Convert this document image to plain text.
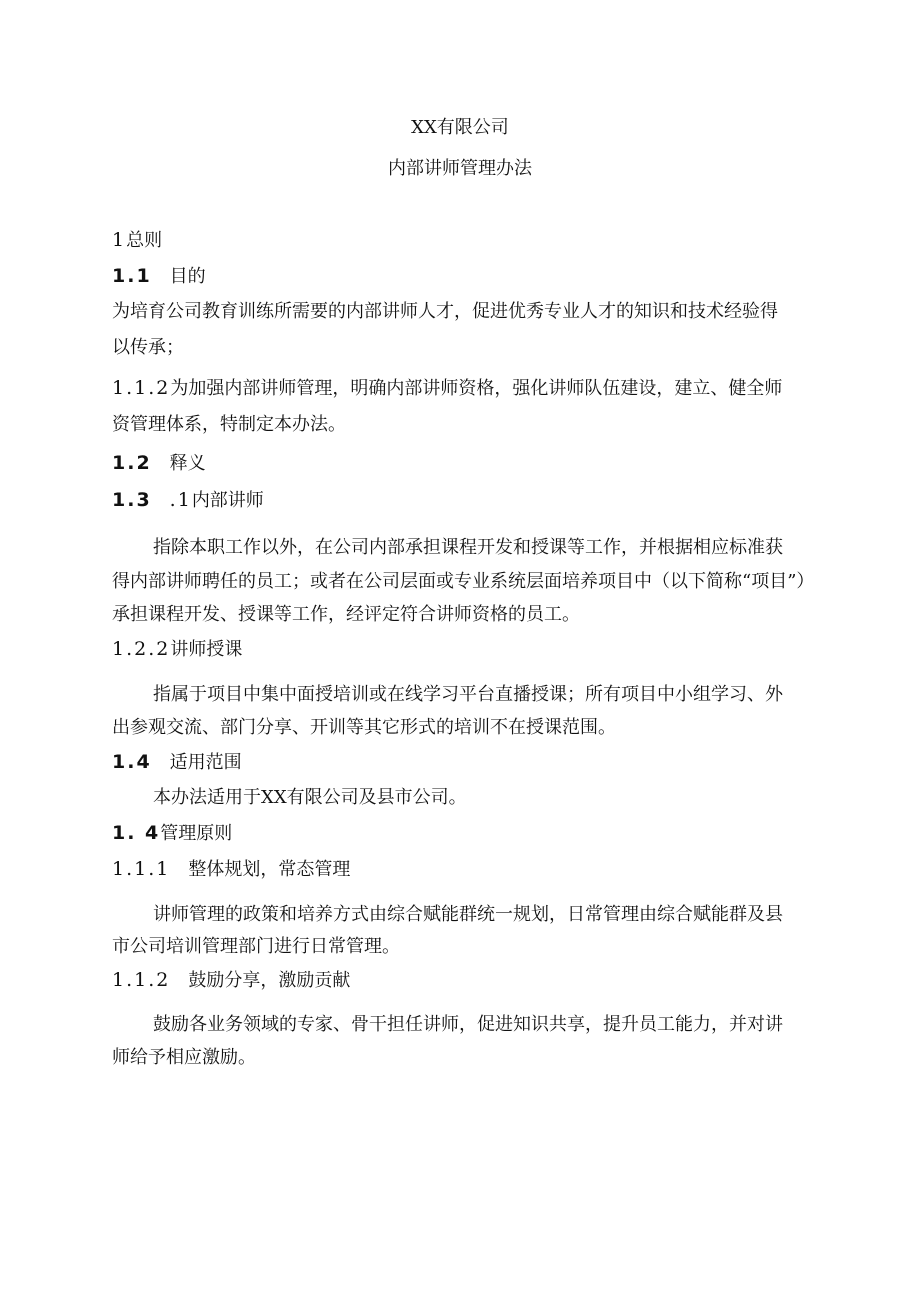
XX有限公司
内部讲师管理办法
1总则
1.1 目的
为培育公司教育训练所需要的内部讲师人才，促进优秀专业人才的知识和技术经验得
以传承；
1.1.2为加强内部讲师管理，明确内部讲师资格，强化讲师队伍建设，建立、健全师
资管理体系，特制定本办法。
1.2 释义
1.3 .1内部讲师
指除本职工作以外，在公司内部承担课程开发和授课等工作，并根据相应标准获
得内部讲师聘任的员工；或者在公司层面或专业系统层面培养项目中（以下简称“项目”）
承担课程开发、授课等工作，经评定符合讲师资格的员工。
1.2.2讲师授课
指属于项目中集中面授培训或在线学习平台直播授课；所有项目中小组学习、外
出参观交流、部门分享、开训等其它形式的培训不在授课范围。
1.4 适用范围
本办法适用于XX有限公司及县市公司。
1. 4管理原则
1.1.1 整体规划，常态管理
讲师管理的政策和培养方式由综合赋能群统一规划，日常管理由综合赋能群及县
市公司培训管理部门进行日常管理。
1.1.2 鼓励分享，激励贡献
鼓励各业务领域的专家、骨干担任讲师，促进知识共享，提升员工能力，并对讲
师给予相应激励。
